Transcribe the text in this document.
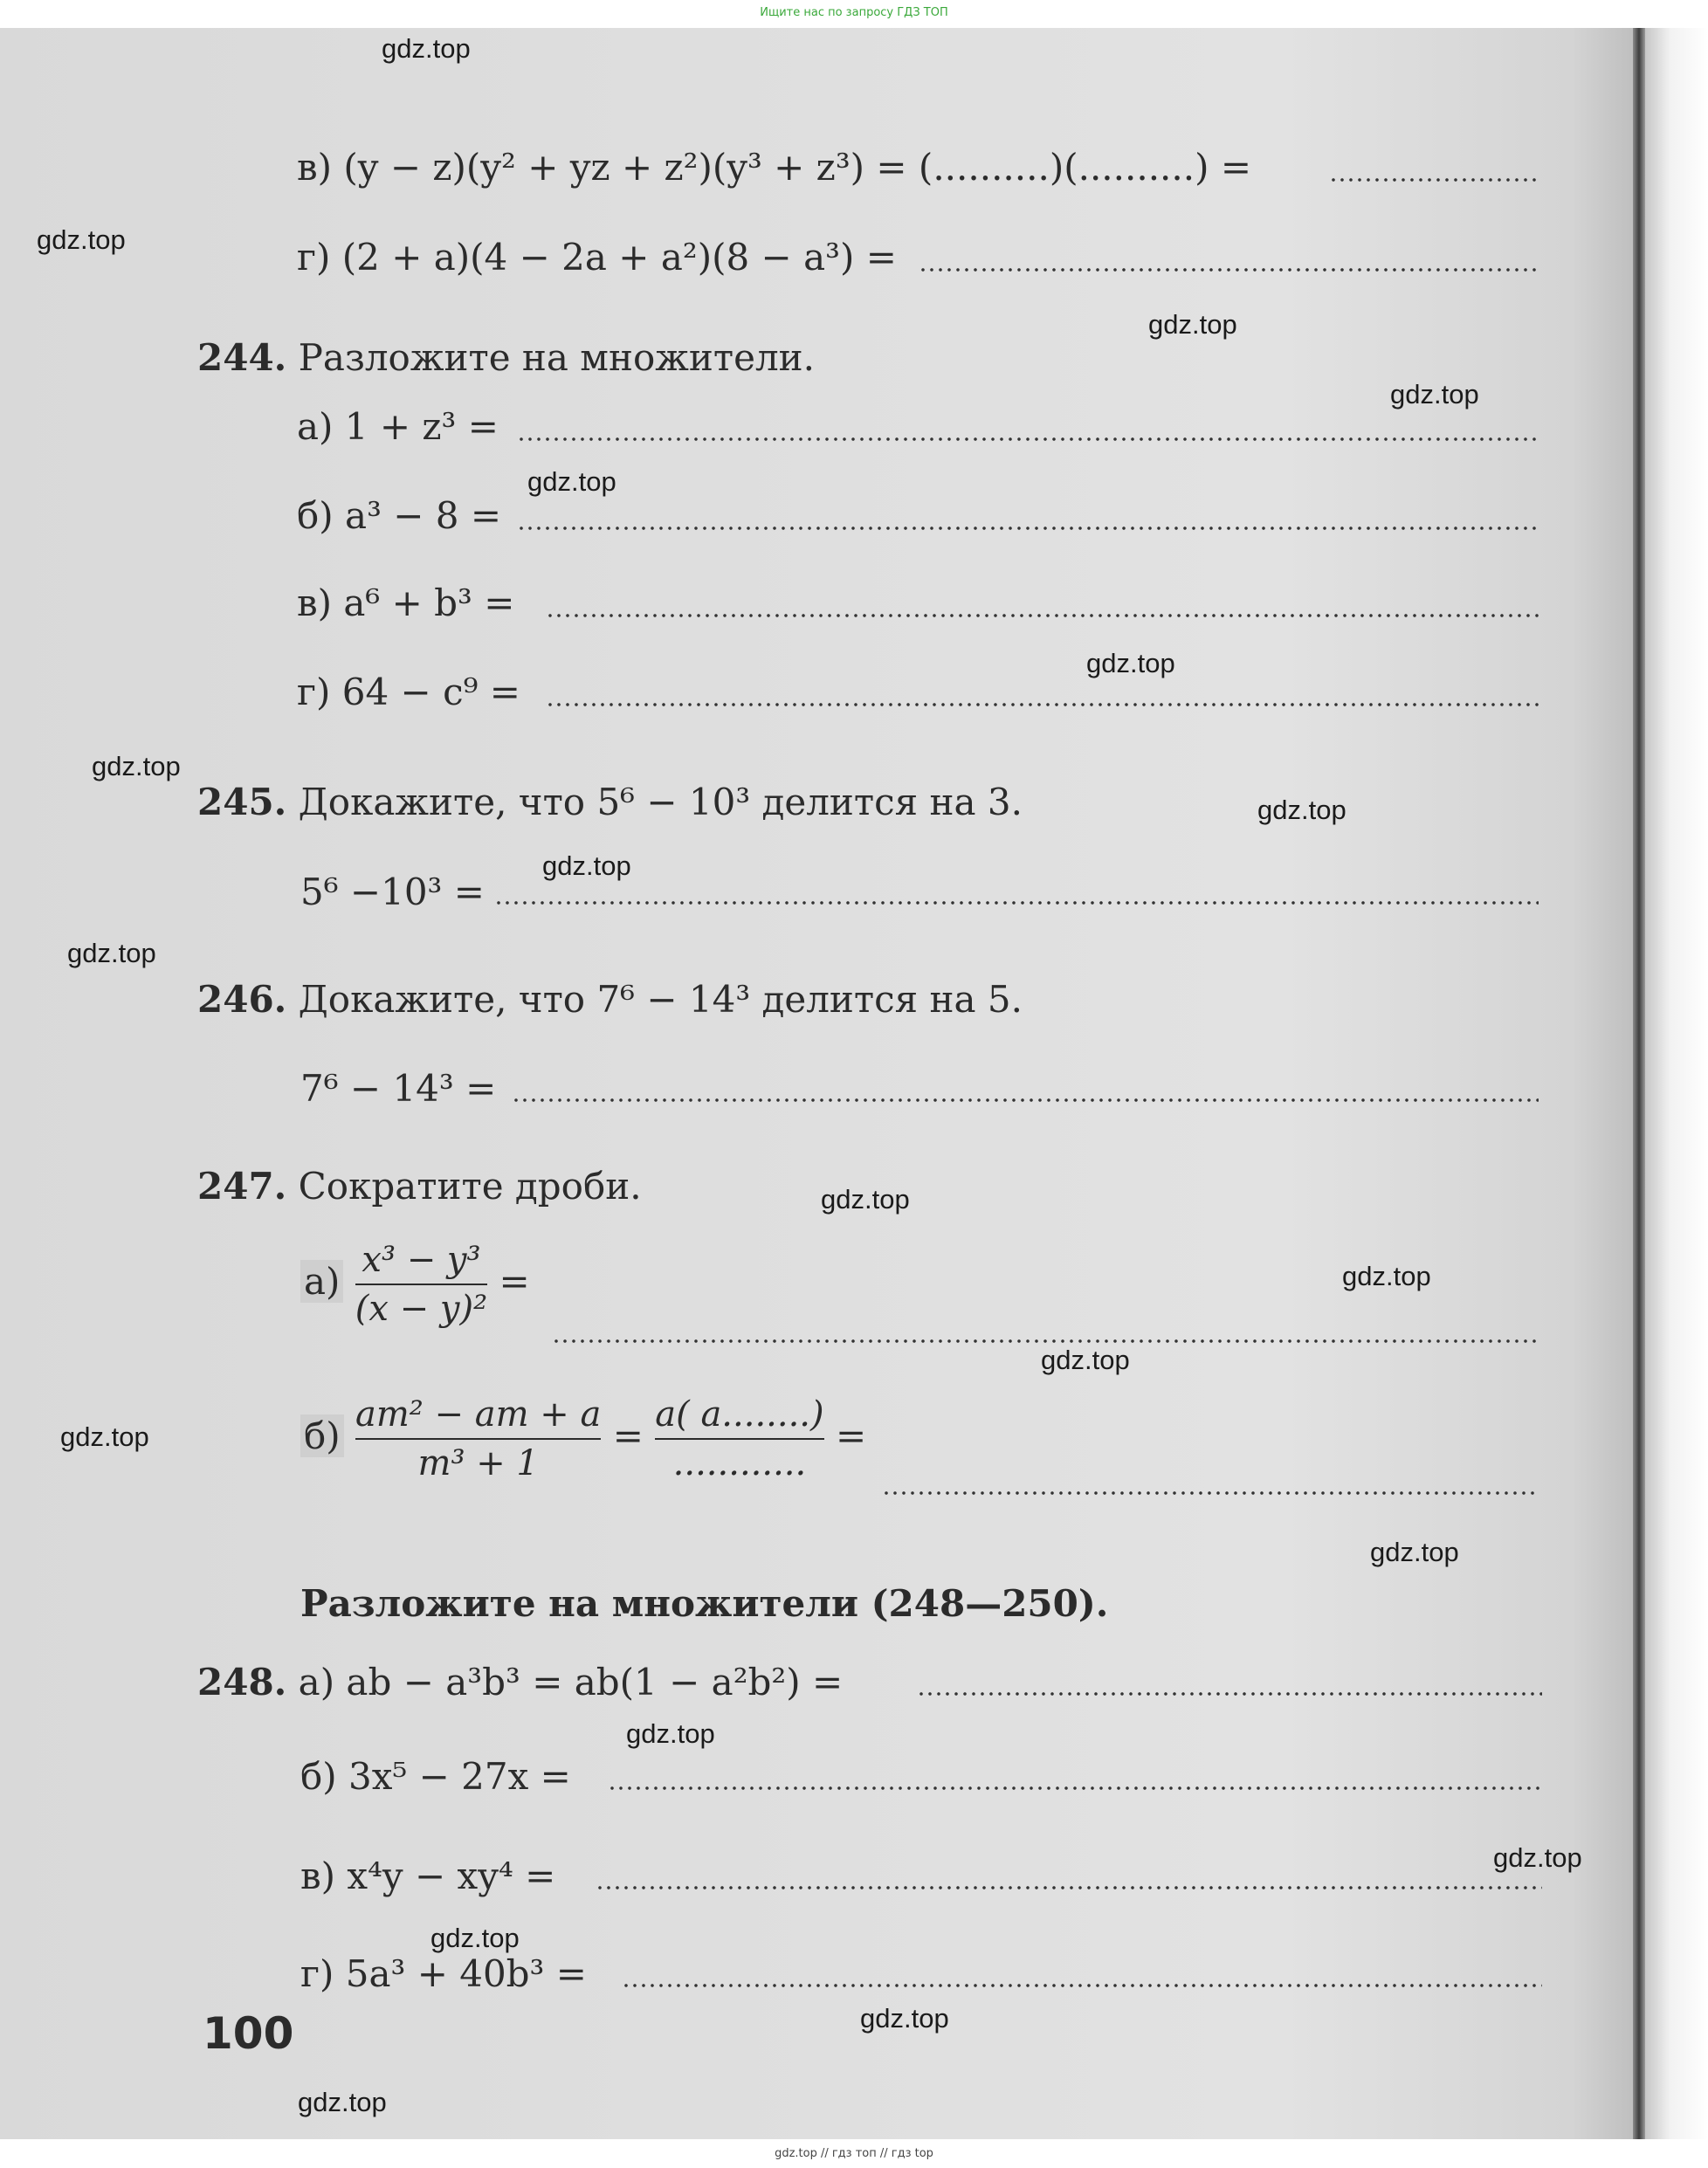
Ищите нас по запросу ГДЗ ТОП
в) (y − z)(y² + yz + z²)(y³ + z³) = (..........)(..........) =
г) (2 + a)(4 − 2a + a²)(8 − a³) =
244. Разложите на множители.
а) 1 + z³ =
б) a³ − 8 =
в) a⁶ + b³ =
г) 64 − c⁹ =
245. Докажите, что 5⁶ − 10³ делится на 3.
5⁶ −10³ =
246. Докажите, что 7⁶ − 14³ делится на 5.
7⁶ − 14³ =
247. Сократите дроби.
$а) \frac{\text{x³ − y³}}{\text{(x − y)²}}$ =
$б) \frac{\text{am² − am + a}}{\text{m³ + 1}} = \frac{a( a........)}{............}$ =
Разложите на множители (248—250).
248. а) ab − a³b³ = ab(1 − a²b²) =
б) 3x⁵ − 27x =
в) x⁴y − xy⁴ =
г) 5a³ + 40b³ =
100
gdz.top
gdz.top
gdz.top
gdz.top
gdz.top
gdz.top
gdz.top
gdz.top
gdz.top
gdz.top
gdz.top
gdz.top
gdz.top
gdz.top
gdz.top
gdz.top
gdz.top
gdz.top
gdz.top
gdz.top
gdz.top // гдз топ // гдз top
